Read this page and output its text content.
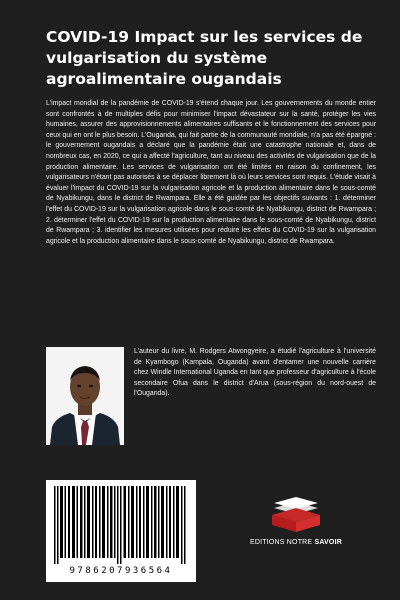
COVID-19 Impact sur les services de vulgarisation du système agroalimentaire ougandais
L'impact mondial de la pandémie de COVID-19 s'étend chaque jour. Les gouvernements du monde entier sont confrontés à de multiples défis pour minimiser l'impact dévastateur sur la santé, protéger les vies humaines, assurer des approvisionnements alimentaires suffisants et le fonctionnement des services pour ceux qui en ont le plus besoin. L'Ouganda, qui fait partie de la communauté mondiale, n'a pas été épargné : le gouvernement ougandais a déclaré que la pandémie était une catastrophe nationale et, dans de nombreux cas, en 2020, ce qui a affecté l'agriculture, tant au niveau des activités de vulgarisation que de la production alimentaire. Les services de vulgarisation ont été limités en raison du confinement, les vulgarisateurs n'étant pas autorisés à se déplacer librement là où leurs services sont requis. L'étude visait à évaluer l'impact du COVID-19 sur la vulgarisation agricole et la production alimentaire dans le sous-comté de Nyabikungu, dans le district de Rwampara. Elle a été guidée par les objectifs suivants : 1. déterminer l'effet du COVID-19 sur la vulgarisation agricole dans le sous-comté de Nyabikungu, district de Rwampara ; 2. déterminer l'effet du COVID-19 sur la production alimentaire dans le sous-comté de Nyabikungu, district de Rwampara ; 3. identifier les mesures utilisées pour réduire les effets du COVID-19 sur la vulgarisation agricole et la production alimentaire dans le sous-comté de Nyabikungu, district de Rwampara.
L'auteur du livre, M. Rodgers Atwongyeire, a étudié l'agriculture à l'université de Kyambogo (Kampala, Ouganda) avant d'entamer une nouvelle carrière chez Windle International Uganda en tant que professeur d'agriculture à l'école secondaire Ofua dans le district d'Arua (sous-région du nord-ouest de l'Ouganda).
9786207936564
EDITIONS NOTRE SAVOIR
